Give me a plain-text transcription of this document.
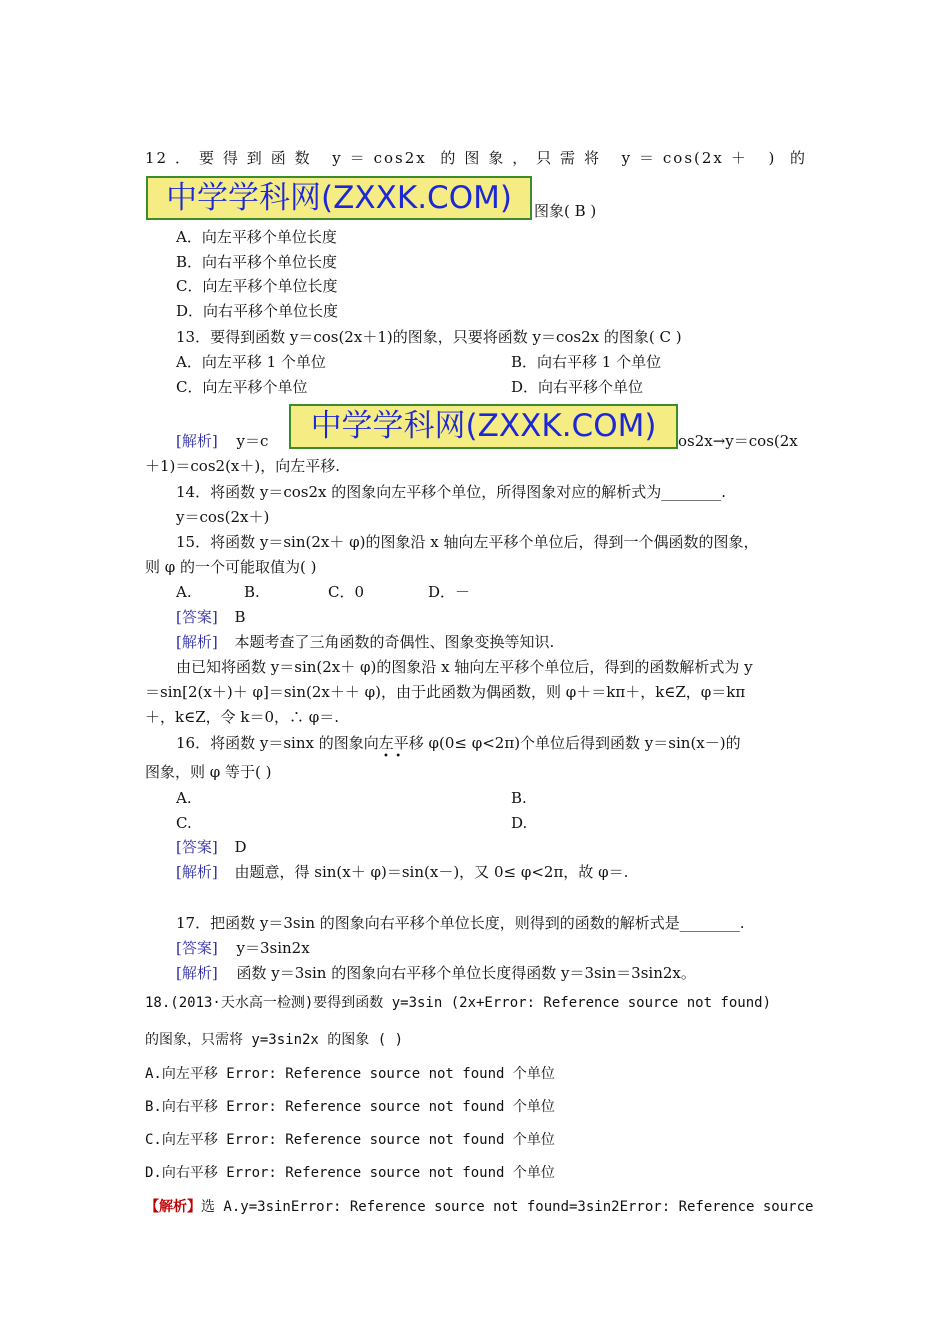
12．要得到函数 y＝cos2x 的图象，只需将 y＝cos(2x＋ ) 的
中学学科网(ZXXK.COM)	图象( B )
A．向左平移个单位长度
B．向右平移个单位长度
C．向左平移个单位长度
D．向右平移个单位长度
13．要得到函数 y＝cos(2x＋1)的图象，只要将函数 y＝cos2x 的图象( C )
A．向左平移 1 个单位	B．向右平移 1 个单位
C．向左平移个单位	D．向右平移个单位
[解析] y＝c	os2x→y＝cos(2x
中学学科网(ZXXK.COM)
＋1)＝cos2(x＋)，向左平移.
14．将函数 y＝cos2x 的图象向左平移个单位，所得图象对应的解析式为________.
y＝cos(2x＋)
15．将函数 y＝sin(2x＋ φ)的图象沿 x 轴向左平移个单位后，得到一个偶函数的图象，
则 φ 的一个可能取值为( )
A.	B.	C．0	D．－
[答案] B
[解析] 本题考查了三角函数的奇偶性、图象变换等知识.
由已知将函数 y＝sin(2x＋ φ)的图象沿 x 轴向左平移个单位后，得到的函数解析式为 y
＝sin[2(x＋)＋ φ]＝sin(2x＋＋ φ)，由于此函数为偶函数，则 φ＋＝kπ＋，k∈Z，φ＝kπ
＋，k∈Z，令 k＝0，∴ φ＝.
16．将函数 y＝sinx 的图象向左平移 φ(0≤ φ<2π)个单位后得到函数 y＝sin(x－)的
•  •
图象，则 φ 等于( )
A.	B.
C.	D.
[答案] D
[解析] 由题意，得 sin(x＋ φ)＝sin(x－)，又 0≤ φ<2π，故 φ＝.
17．把函数 y＝3sin 的图象向右平移个单位长度，则得到的函数的解析式是________.
[答案] y＝3sin2x
[解析] 函数 y＝3sin 的图象向右平移个单位长度得函数 y＝3sin＝3sin2x。
18.(2013·天水高一检测)要得到函数 y=3sin (2x+Error: Reference source not found)
的图象，只需将 y=3sin2x 的图象 ( )
A.向左平移 Error: Reference source not found 个单位
B.向右平移 Error: Reference source not found 个单位
C.向左平移 Error: Reference source not found 个单位
D.向右平移 Error: Reference source not found 个单位
【解析】选 A.y=3sinError: Reference source not found=3sin2Error: Reference source
